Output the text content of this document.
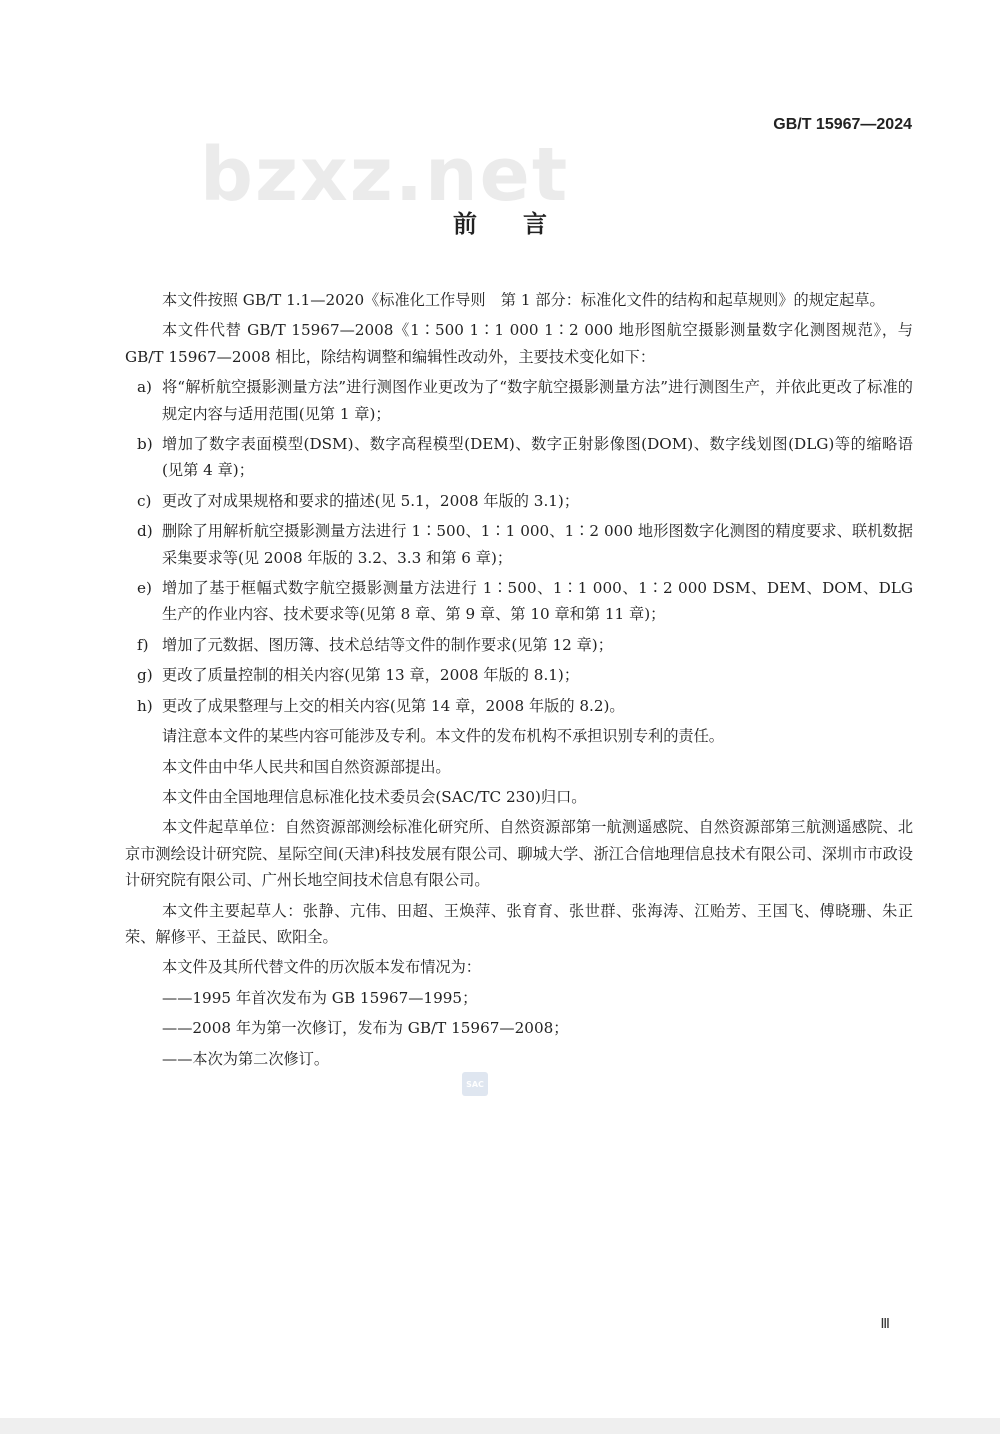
bzxz.net
GB/T 15967—2024
前言

本文件按照 GB/T 1.1—2020《标准化工作导则　第 1 部分：标准化文件的结构和起草规则》的规定起草。

本文件代替 GB/T 15967—2008《1∶500 1∶1 000 1∶2 000 地形图航空摄影测量数字化测图规范》，与 GB/T 15967—2008 相比，除结构调整和编辑性改动外，主要技术变化如下：

a) 将“解析航空摄影测量方法”进行测图作业更改为了“数字航空摄影测量方法”进行测图生产，并依此更改了标准的规定内容与适用范围(见第 1 章)；
b) 增加了数字表面模型(DSM)、数字高程模型(DEM)、数字正射影像图(DOM)、数字线划图(DLG)等的缩略语(见第 4 章)；
c) 更改了对成果规格和要求的描述(见 5.1，2008 年版的 3.1)；
d) 删除了用解析航空摄影测量方法进行 1∶500、1∶1 000、1∶2 000 地形图数字化测图的精度要求、联机数据采集要求等(见 2008 年版的 3.2、3.3 和第 6 章)；
e) 增加了基于框幅式数字航空摄影测量方法进行 1∶500、1∶1 000、1∶2 000 DSM、DEM、DOM、DLG 生产的作业内容、技术要求等(见第 8 章、第 9 章、第 10 章和第 11 章)；
f) 增加了元数据、图历簿、技术总结等文件的制作要求(见第 12 章)；
g) 更改了质量控制的相关内容(见第 13 章，2008 年版的 8.1)；
h) 更改了成果整理与上交的相关内容(见第 14 章，2008 年版的 8.2)。

请注意本文件的某些内容可能涉及专利。本文件的发布机构不承担识别专利的责任。

本文件由中华人民共和国自然资源部提出。

本文件由全国地理信息标准化技术委员会(SAC/TC 230)归口。

本文件起草单位：自然资源部测绘标准化研究所、自然资源部第一航测遥感院、自然资源部第三航测遥感院、北京市测绘设计研究院、星际空间(天津)科技发展有限公司、聊城大学、浙江合信地理信息技术有限公司、深圳市市政设计研究院有限公司、广州长地空间技术信息有限公司。

本文件主要起草人：张静、亢伟、田超、王焕萍、张育育、张世群、张海涛、江贻芳、王国飞、傅晓珊、朱正荣、解修平、王益民、欧阳全。

本文件及其所代替文件的历次版本发布情况为：

——1995 年首次发布为 GB 15967—1995；

——2008 年为第一次修订，发布为 GB/T 15967—2008；

——本次为第二次修订。

SAC
Ⅲ
